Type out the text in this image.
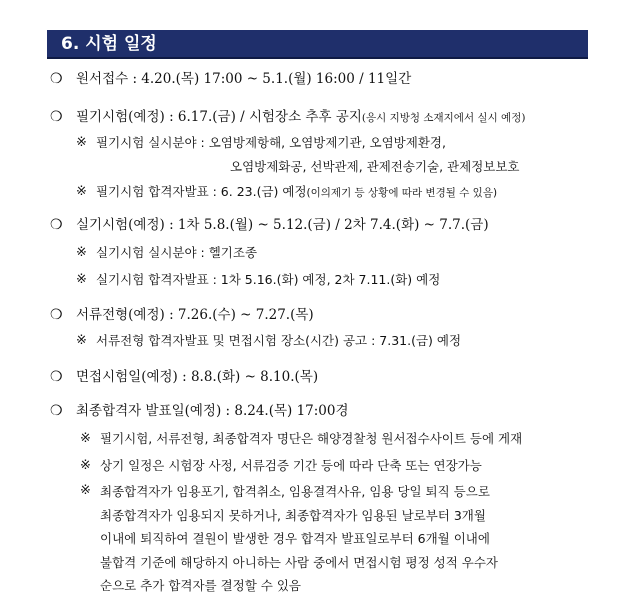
6. 시험 일정
❍ 원서접수 : 4.20.(목) 17:00 ~ 5.1.(월) 16:00 / 11일간
❍ 필기시험(예정) : 6.17.(금) / 시험장소 추후 공지(응시 지방청 소재지에서 실시 예정)
※ 필기시험 실시분야 : 오염방제항해, 오염방제기관, 오염방제환경,
오염방제화공, 선박관제, 관제전송기술, 관제정보보호
※ 필기시험 합격자발표 : 6. 23.(금) 예정(이의제기 등 상황에 따라 변경될 수 있음)
❍ 실기시험(예정) : 1차 5.8.(월) ~ 5.12.(금) / 2차 7.4.(화) ~ 7.7.(금)
※ 실기시험 실시분야 : 헬기조종
※ 실기시험 합격자발표 : 1차 5.16.(화) 예정, 2차 7.11.(화) 예정
❍ 서류전형(예정) : 7.26.(수) ~ 7.27.(목)
※ 서류전형 합격자발표 및 면접시험 장소(시간) 공고 : 7.31.(금) 예정
❍ 면접시험일(예정) : 8.8.(화) ~ 8.10.(목)
❍ 최종합격자 발표일(예정) : 8.24.(목) 17:00경
※ 필기시험, 서류전형, 최종합격자 명단은 해양경찰청 원서접수사이트 등에 게재
※ 상기 일정은 시험장 사정, 서류검증 기간 등에 따라 단축 또는 연장가능
※ 최종합격자가 임용포기, 합격취소, 임용결격사유, 임용 당일 퇴직 등으로
최종합격자가 임용되지 못하거나, 최종합격자가 임용된 날로부터 3개월
이내에 퇴직하여 결원이 발생한 경우 합격자 발표일로부터 6개월 이내에
불합격 기준에 해당하지 아니하는 사람 중에서 면접시험 평정 성적 우수자
순으로 추가 합격자를 결정할 수 있음
